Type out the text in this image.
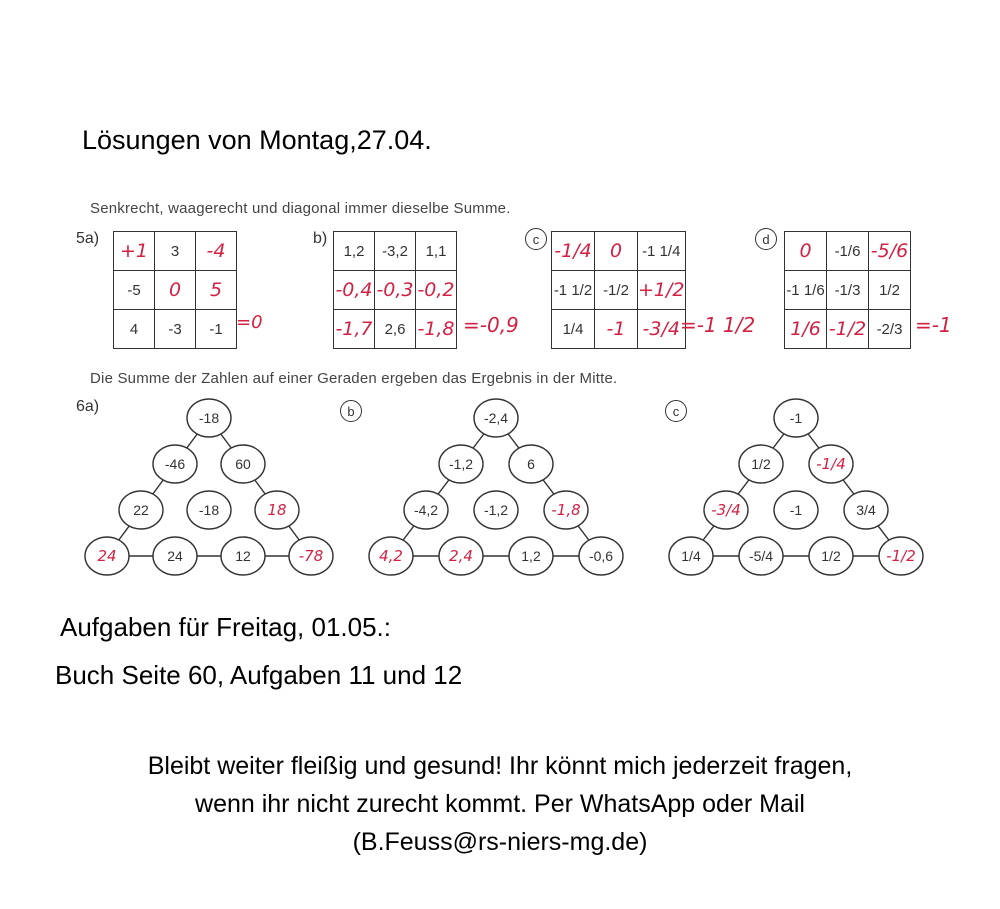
Lösungen von Montag,27.04.
Senkrecht, waagerecht und diagonal immer dieselbe Summe.
5a)
+1	3	-4
-5	0	5
4	-3	-1 =0
b)
1,2	-3,2	1,1
-0,4	-0,3	-0,2
-1,7	2,6	-1,8 =-0,9
c
-1/4	0	-1 1/4
-1 1/2	-1/2	+1/2
1/4	-1	-3/4 =-1 1/2
d
0	-1/6	-5/6
-1 1/6	-1/3	1/2
1/6	-1/2	-2/3 =-1
Die Summe der Zahlen auf einer Geraden ergeben das Ergebnis in der Mitte.
6a)
-18
-46	60
22	-18	18
24	24	12	-78
b	-2,4
-1,2	6
-4,2	-1,2	-1,8
4,2	2,4	1,2	-0,6
c	-1
1/2	-1/4
-3/4	-1	3/4
1/4	-5/4	1/2	-1/2
Aufgaben für Freitag, 01.05.:
Buch Seite 60, Aufgaben 11 und 12
Bleibt weiter fleißig und gesund! Ihr könnt mich jederzeit fragen,
wenn ihr nicht zurecht kommt. Per WhatsApp oder Mail
(B.Feuss@rs-niers-mg.de)
